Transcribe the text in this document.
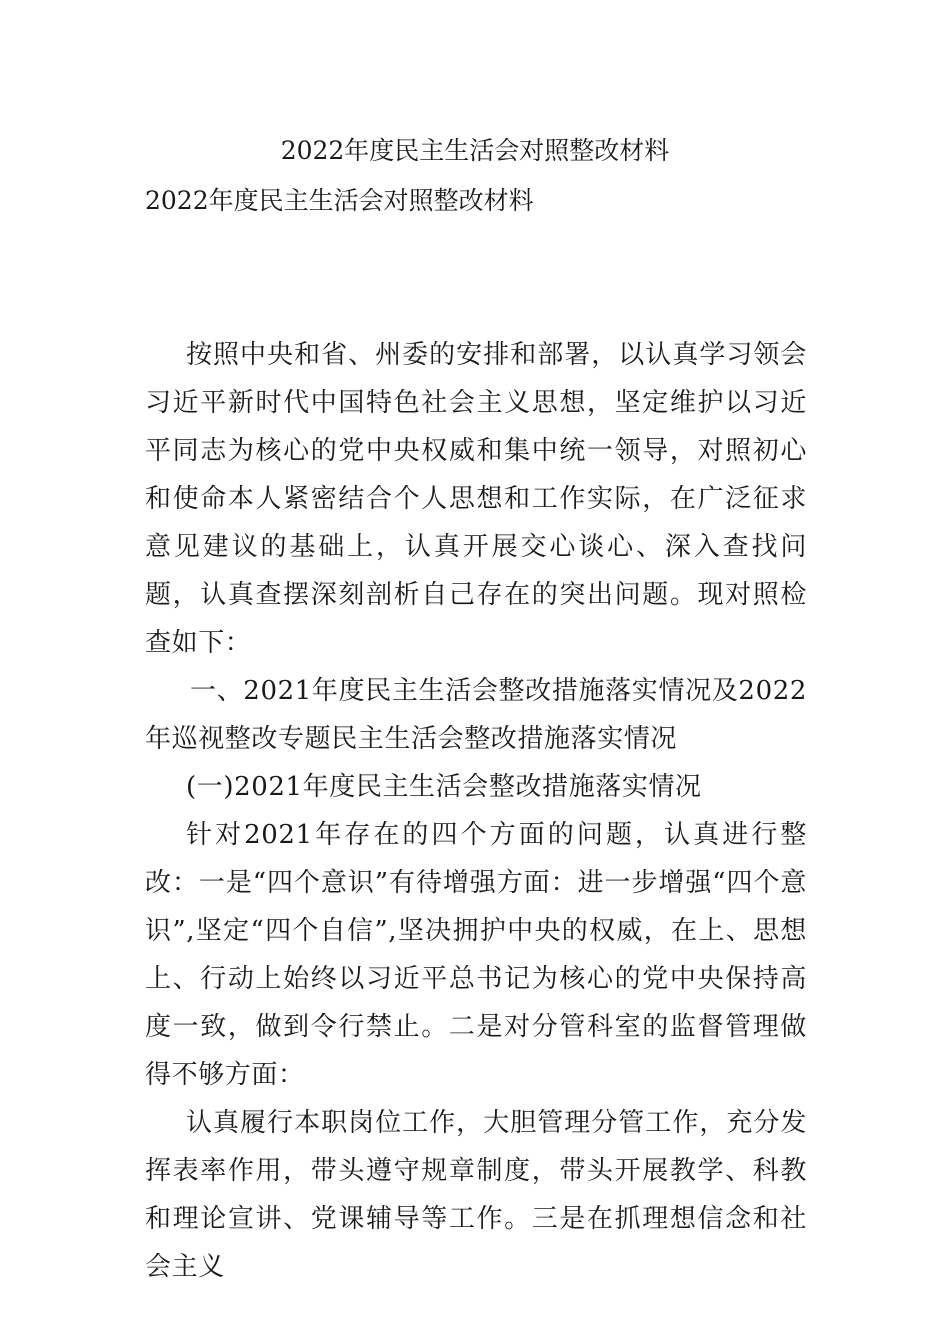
2022年度民主生活会对照整改材料
2022年度民主生活会对照整改材料

按照中央和省、州委的安排和部署，以认真学习领会习近平新时代中国特色社会主义思想，坚定维护以习近平同志为核心的党中央权威和集中统一领导，对照初心和使命本人紧密结合个人思想和工作实际，在广泛征求意见建议的基础上，认真开展交心谈心、深入查找问题，认真查摆深刻剖析自己存在的突出问题。现对照检查如下：

一、2021年度民主生活会整改措施落实情况及2022年巡视整改专题民主生活会整改措施落实情况

(一)2021年度民主生活会整改措施落实情况

针对2021年存在的四个方面的问题，认真进行整改：一是“四个意识”有待增强方面：进一步增强“四个意识”,坚定“四个自信”,坚决拥护中央的权威，在上、思想上、行动上始终以习近平总书记为核心的党中央保持高度一致，做到令行禁止。二是对分管科室的监督管理做得不够方面：

认真履行本职岗位工作，大胆管理分管工作，充分发挥表率作用，带头遵守规章制度，带头开展教学、科教和理论宣讲、党课辅导等工作。三是在抓理想信念和社会主义
